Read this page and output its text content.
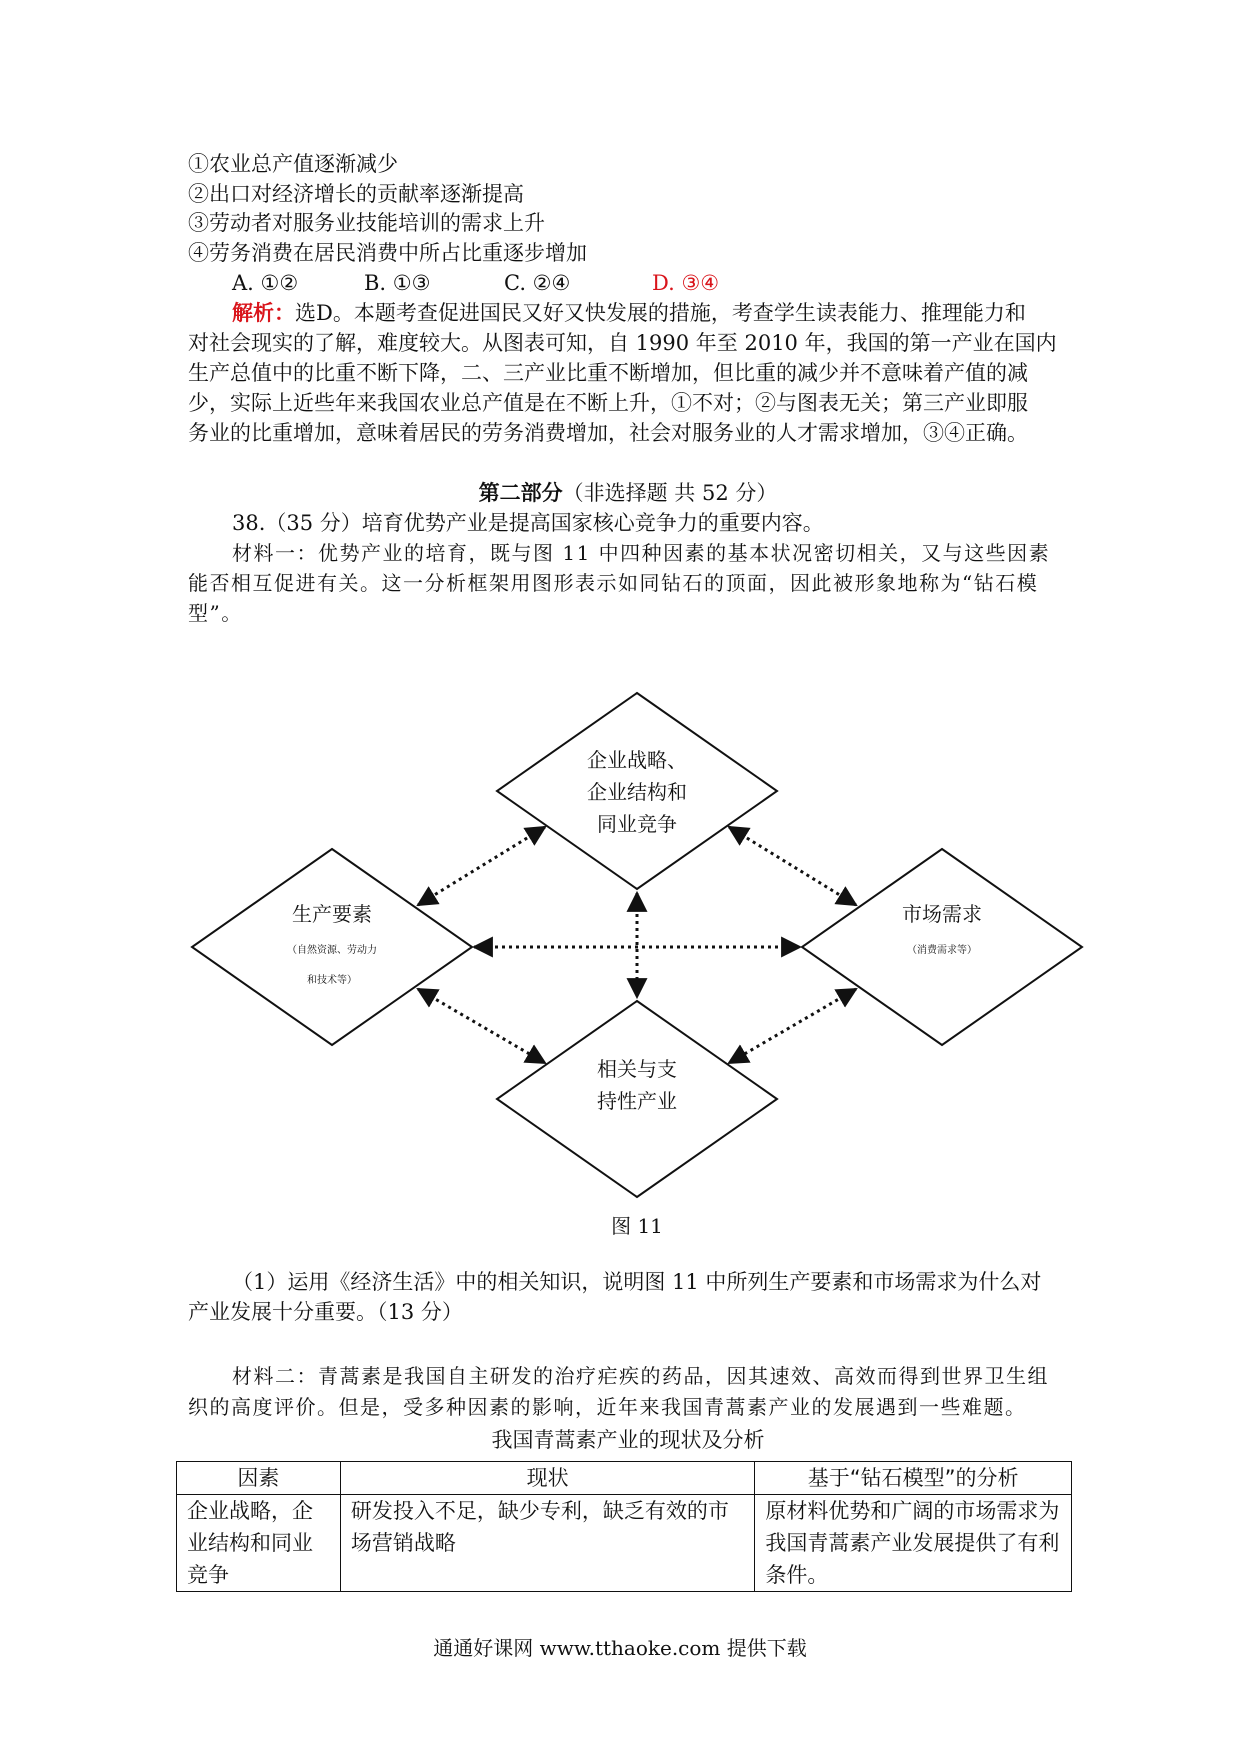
①农业总产值逐渐减少
②出口对经济增长的贡献率逐渐提高
③劳动者对服务业技能培训的需求上升
④劳务消费在居民消费中所占比重逐步增加
A. ①②	B. ①③	C. ②④	D. ③④
解析：选D。本题考查促进国民又好又快发展的措施，考查学生读表能力、推理能力和
对社会现实的了解，难度较大。从图表可知，自 1990 年至 2010 年，我国的第一产业在国内
生产总值中的比重不断下降，二、三产业比重不断增加，但比重的减少并不意味着产值的减
少，实际上近些年来我国农业总产值是在不断上升，①不对；②与图表无关；第三产业即服
务业的比重增加，意味着居民的劳务消费增加，社会对服务业的人才需求增加，③④正确。
第二部分（非选择题 共 52 分）
38.（35 分）培育优势产业是提高国家核心竞争力的重要内容。
材料一：优势产业的培育，既与图 11 中四种因素的基本状况密切相关，又与这些因素
能否相互促进有关。这一分析框架用图形表示如同钻石的顶面，因此被形象地称为“钻石模
型”。
企业战略、
企业结构和
同业竞争
生产要素
（自然资源、劳动力
和技术等）
市场需求
（消费需求等）
相关与支
持性产业
图 11
（1）运用《经济生活》中的相关知识，说明图 11 中所列生产要素和市场需求为什么对
产业发展十分重要。（13 分）
材料二：青蒿素是我国自主研发的治疗疟疾的药品，因其速效、高效而得到世界卫生组
织的高度评价。但是，受多种因素的影响，近年来我国青蒿素产业的发展遇到一些难题。
我国青蒿素产业的现状及分析
因素	现状	基于“钻石模型”的分析
企业战略，企业结构和同业竞争	研发投入不足，缺少专利，缺乏有效的市场营销战略	原材料优势和广阔的市场需求为我国青蒿素产业发展提供了有利条件。
通通好课网 www.tthaoke.com 提供下载
